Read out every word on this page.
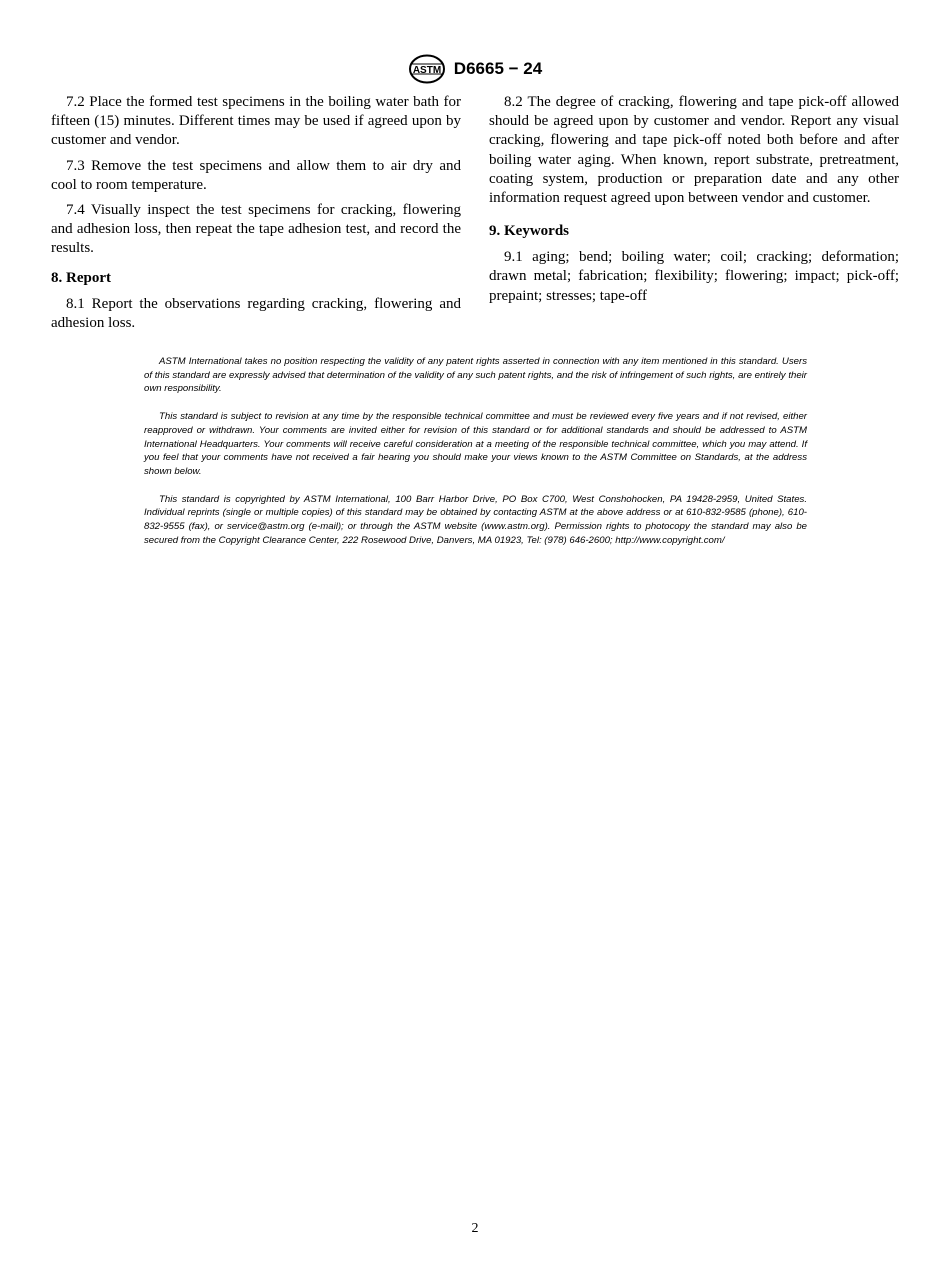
ASTM D6665 − 24

7.2 Place the formed test specimens in the boiling water bath for fifteen (15) minutes. Different times may be used if agreed upon by customer and vendor.

7.3 Remove the test specimens and allow them to air dry and cool to room temperature.

7.4 Visually inspect the test specimens for cracking, flowering and adhesion loss, then repeat the tape adhesion test, and record the results.

8. Report

8.1 Report the observations regarding cracking, flowering and adhesion loss.

8.2 The degree of cracking, flowering and tape pick-off allowed should be agreed upon by customer and vendor. Report any visual cracking, flowering and tape pick-off noted both before and after boiling water aging. When known, report substrate, pretreatment, coating system, production or preparation date and any other information request agreed upon between vendor and customer.

9. Keywords

9.1 aging; bend; boiling water; coil; cracking; deformation; drawn metal; fabrication; flexibility; flowering; impact; pick-off; prepaint; stresses; tape-off

ASTM International takes no position respecting the validity of any patent rights asserted in connection with any item mentioned in this standard. Users of this standard are expressly advised that determination of the validity of any such patent rights, and the risk of infringement of such rights, are entirely their own responsibility.

This standard is subject to revision at any time by the responsible technical committee and must be reviewed every five years and if not revised, either reapproved or withdrawn. Your comments are invited either for revision of this standard or for additional standards and should be addressed to ASTM International Headquarters. Your comments will receive careful consideration at a meeting of the responsible technical committee, which you may attend. If you feel that your comments have not received a fair hearing you should make your views known to the ASTM Committee on Standards, at the address shown below.

This standard is copyrighted by ASTM International, 100 Barr Harbor Drive, PO Box C700, West Conshohocken, PA 19428-2959, United States. Individual reprints (single or multiple copies) of this standard may be obtained by contacting ASTM at the above address or at 610-832-9585 (phone), 610-832-9555 (fax), or service@astm.org (e-mail); or through the ASTM website (www.astm.org). Permission rights to photocopy the standard may also be secured from the Copyright Clearance Center, 222 Rosewood Drive, Danvers, MA 01923, Tel: (978) 646-2600; http://www.copyright.com/

2
